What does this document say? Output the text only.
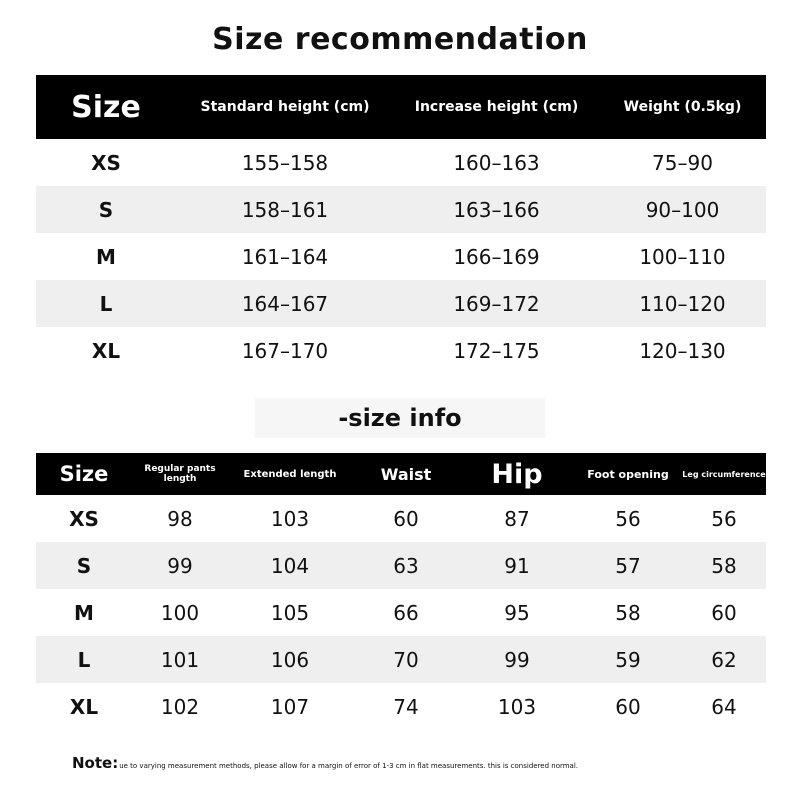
Size recommendation
Size	Standard height (cm)	Increase height (cm)	Weight (0.5kg)
XS	155–158	160–163	75–90
S	158–161	163–166	90–100
M	161–164	166–169	100–110
L	164–167	169–172	110–120
XL	167–170	172–175	120–130
-size info
Size	Regular pants length	Extended length	Waist	Hip	Foot opening	Leg circumference
XS	98	103	60	87	56	56
S	99	104	63	91	57	58
M	100	105	66	95	58	60
L	101	106	70	99	59	62
XL	102	107	74	103	60	64
Note: ue to varying measurement methods, please allow for a margin of error of 1-3 cm in flat measurements. this is considered normal.
